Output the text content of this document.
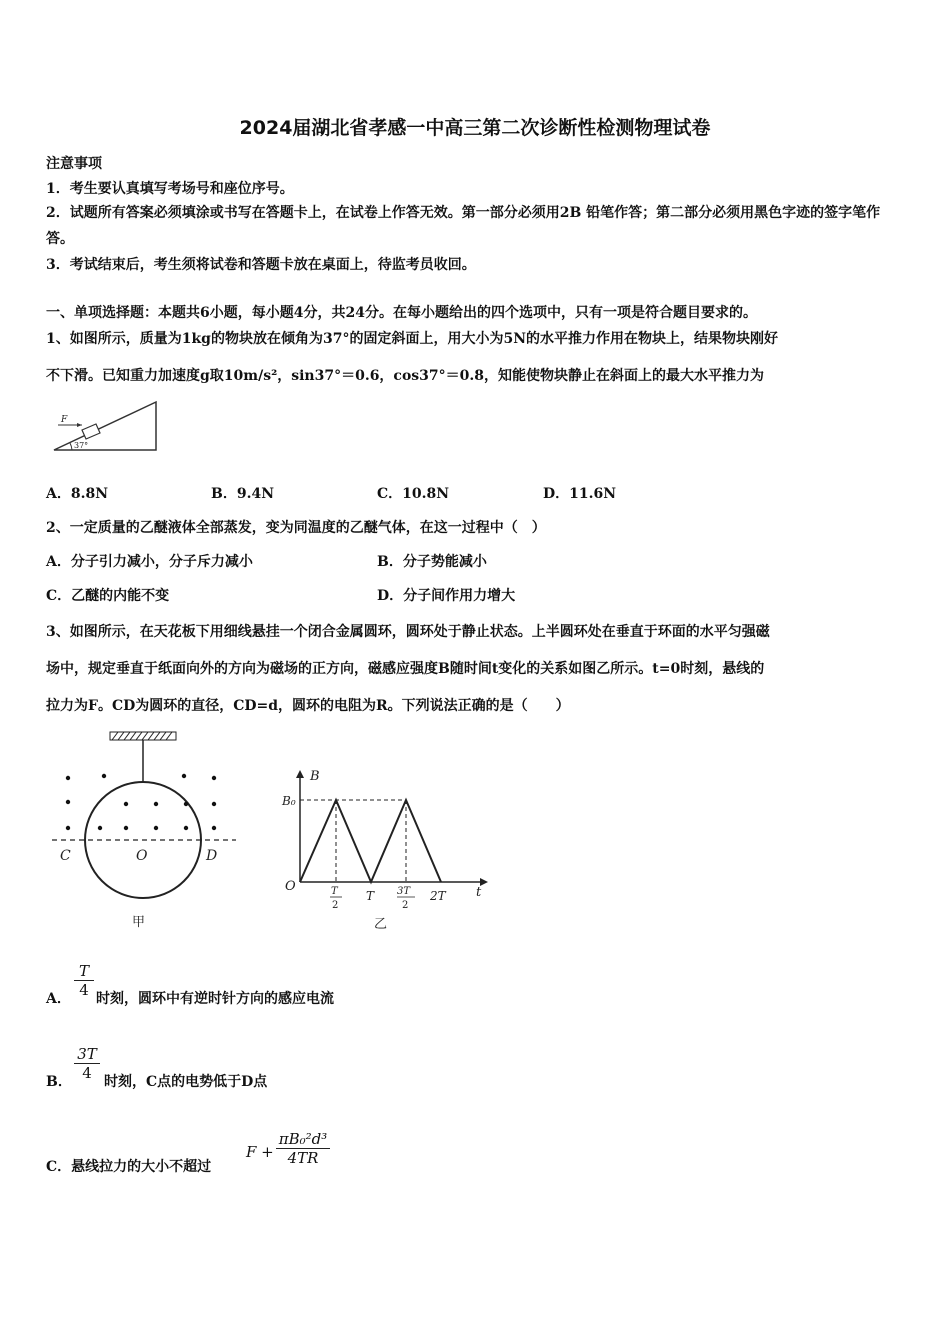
2024届湖北省孝感一中高三第二次诊断性检测物理试卷
注意事项
1．考生要认真填写考场号和座位序号。
2．试题所有答案必须填涂或书写在答题卡上，在试卷上作答无效。第一部分必须用2B 铅笔作答；第二部分必须用黑色字迹的签字笔作答。
3．考试结束后，考生须将试卷和答题卡放在桌面上，待监考员收回。
一、单项选择题：本题共6小题，每小题4分，共24分。在每小题给出的四个选项中，只有一项是符合题目要求的。
1、如图所示，质量为1kg的物块放在倾角为37°的固定斜面上，用大小为5N的水平推力作用在物块上，结果物块刚好
不下滑。已知重力加速度g取10m/s²，sin37°＝0.6，cos37°＝0.8，知能使物块静止在斜面上的最大水平推力为
F
37°
A．8.8N	B．9.4N	C．10.8N	D．11.6N
2、一定质量的乙醚液体全部蒸发，变为同温度的乙醚气体，在这一过程中（　）
A．分子引力减小，分子斥力减小	B．分子势能减小
C．乙醚的内能不变	D．分子间作用力增大
3、如图所示，在天花板下用细线悬挂一个闭合金属圆环，圆环处于静止状态。上半圆环处在垂直于环面的水平匀强磁
场中，规定垂直于纸面向外的方向为磁场的正方向，磁感应强度B随时间t变化的关系如图乙所示。t=0时刻，悬线的
拉力为F。CD为圆环的直径，CD=d，圆环的电阻为R。下列说法正确的是（　　）
C	O	D
甲
B
t
O
B₀
T
2
T 3T
2
2T
乙
T
4
A． 时刻，圆环中有逆时针方向的感应电流
3T
4
B． 时刻，C点的电势低于D点
C．悬线拉力的大小不超过
F +
πB₀²d³
4TR
